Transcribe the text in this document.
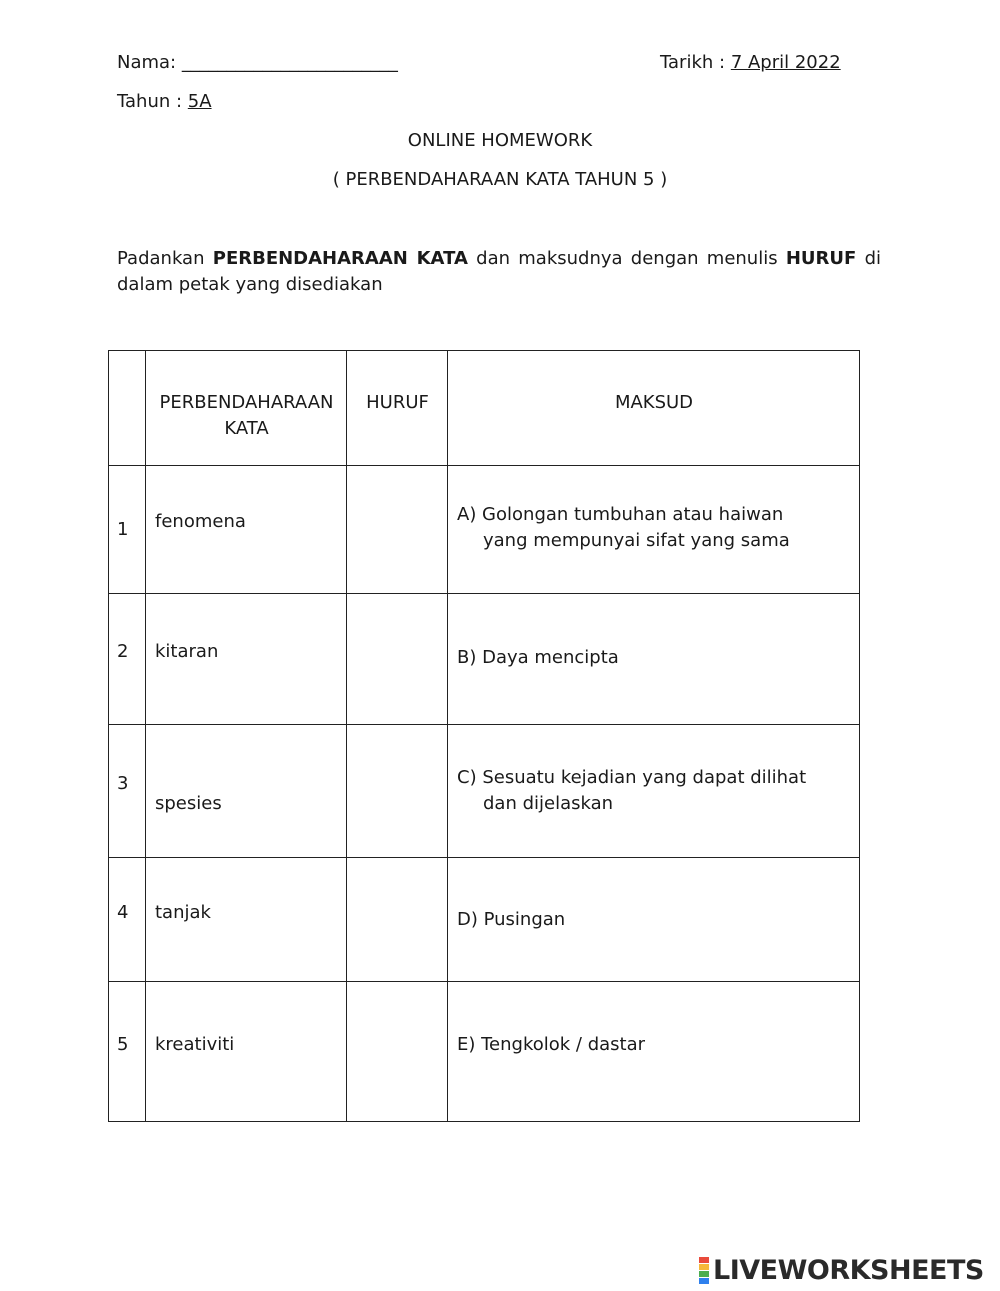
Nama: ________________________	Tarikh : 7 April 2022
Tahun : 5A
ONLINE HOMEWORK
( PERBENDAHARAAN KATA TAHUN 5 )
Padankan PERBENDAHARAAN KATA dan maksudnya dengan menulis HURUF di
dalam petak yang disediakan

	PERBENDAHARAAN
KATA	HURUF	MAKSUD

1	fenomena		A) Golongan tumbuhan atau haiwan
yang mempunyai sifat yang sama

2	kitaran		B) Daya mencipta

3	spesies		C) Sesuatu kejadian yang dapat dilihat
dan dijelaskan

4	tanjak		D) Pusingan

5	kreativiti		E) Tengkolok / dastar
LIVEWORKSHEETS
